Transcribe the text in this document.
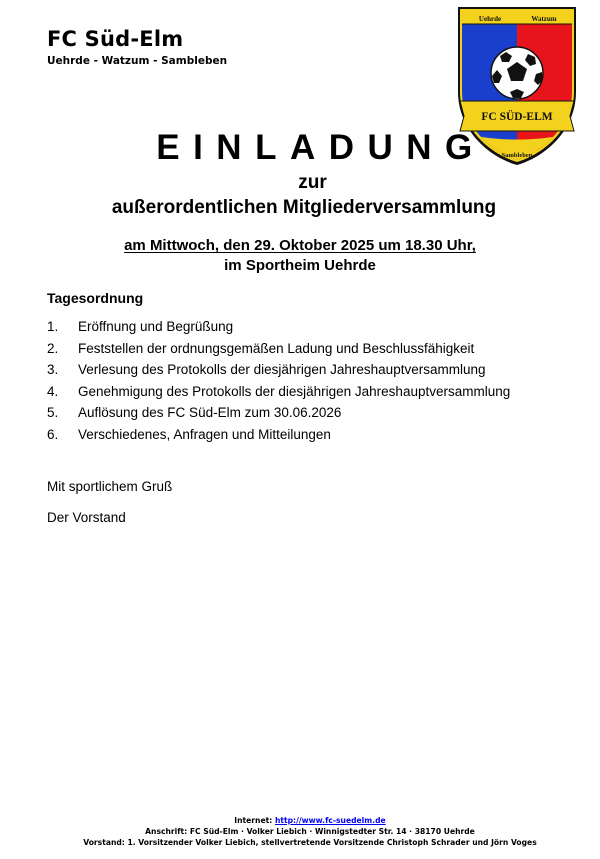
FC Süd-Elm
Uehrde - Watzum - Sambleben
Uehrde	Watzum
FC SÜD-ELM
Sambleben
EINLADUNG
zur
außerordentlichen Mitgliederversammlung
am Mittwoch, den 29. Oktober 2025 um 18.30 Uhr,
im Sportheim Uehrde
Tagesordnung
1.	Eröffnung und Begrüßung
2.	Feststellen der ordnungsgemäßen Ladung und Beschlussfähigkeit
3.	Verlesung des Protokolls der diesjährigen Jahreshauptversammlung
4.	Genehmigung des Protokolls der diesjährigen Jahreshauptversammlung
5.	Auflösung des FC Süd-Elm zum 30.06.2026
6.	Verschiedenes, Anfragen und Mitteilungen
Mit sportlichem Gruß
Der Vorstand
Internet: http://www.fc-suedelm.de
Anschrift: FC Süd-Elm · Volker Liebich · Winnigstedter Str. 14 · 38170 Uehrde
Vorstand: 1. Vorsitzender Volker Liebich, stellvertretende Vorsitzende Christoph Schrader und Jörn Voges
